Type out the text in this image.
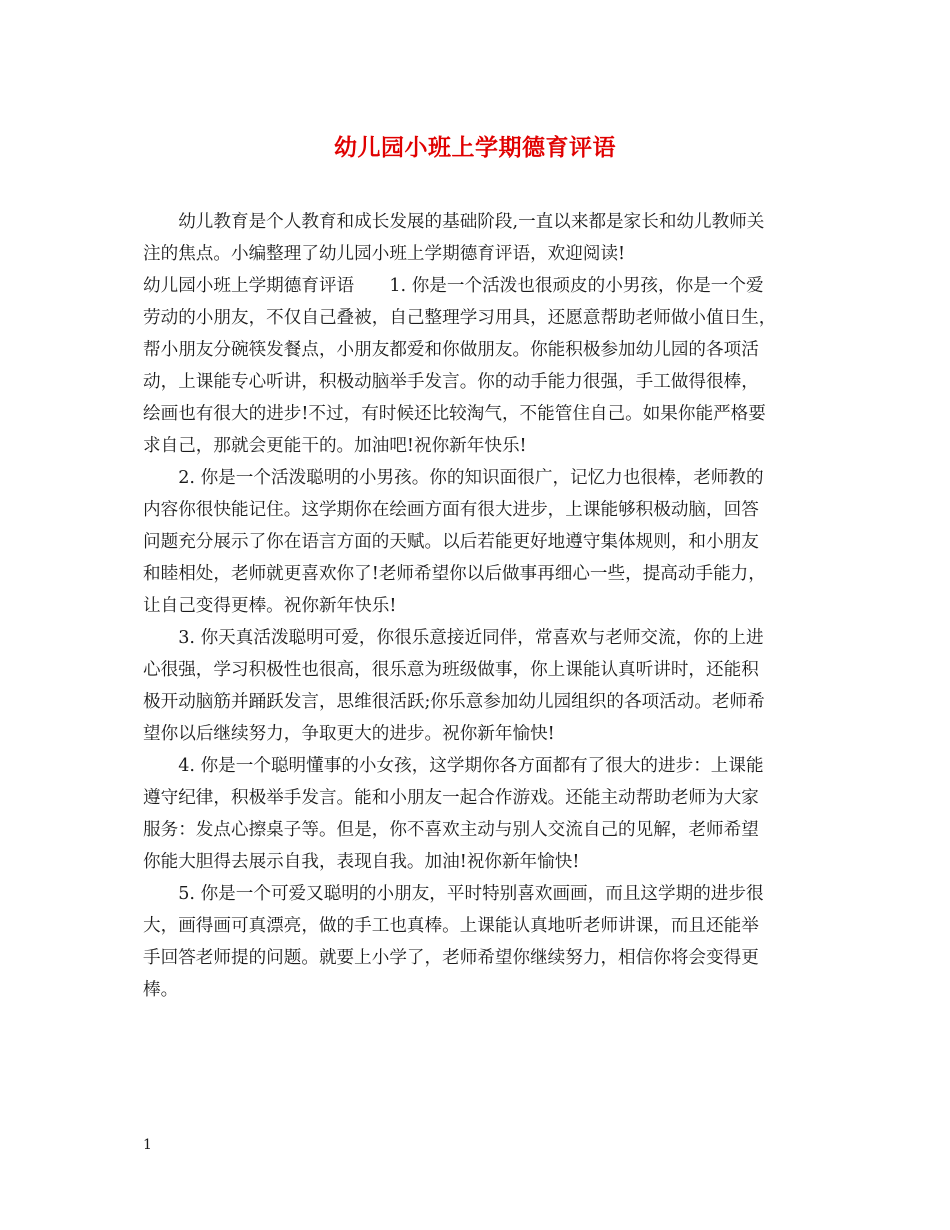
幼儿园小班上学期德育评语
　　幼儿教育是个人教育和成长发展的基础阶段,一直以来都是家长和幼儿教师关
注的焦点。小编整理了幼儿园小班上学期德育评语，欢迎阅读!
幼儿园小班上学期德育评语　　1. 你是一个活泼也很顽皮的小男孩，你是一个爱
劳动的小朋友，不仅自己叠被，自己整理学习用具，还愿意帮助老师做小值日生，
帮小朋友分碗筷发餐点，小朋友都爱和你做朋友。你能积极参加幼儿园的各项活
动，上课能专心听讲，积极动脑举手发言。你的动手能力很强，手工做得很棒，
绘画也有很大的进步!不过，有时候还比较淘气，不能管住自己。如果你能严格要
求自己，那就会更能干的。加油吧!祝你新年快乐!
　　2. 你是一个活泼聪明的小男孩。你的知识面很广，记忆力也很棒，老师教的
内容你很快能记住。这学期你在绘画方面有很大进步，上课能够积极动脑，回答
问题充分展示了你在语言方面的天赋。以后若能更好地遵守集体规则，和小朋友
和睦相处，老师就更喜欢你了!老师希望你以后做事再细心一些，提高动手能力，
让自己变得更棒。祝你新年快乐!
　　3. 你天真活泼聪明可爱，你很乐意接近同伴，常喜欢与老师交流，你的上进
心很强，学习积极性也很高，很乐意为班级做事，你上课能认真听讲时，还能积
极开动脑筋并踊跃发言，思维很活跃;你乐意参加幼儿园组织的各项活动。老师希
望你以后继续努力，争取更大的进步。祝你新年愉快!
　　4. 你是一个聪明懂事的小女孩，这学期你各方面都有了很大的进步：上课能
遵守纪律，积极举手发言。能和小朋友一起合作游戏。还能主动帮助老师为大家
服务：发点心擦桌子等。但是，你不喜欢主动与别人交流自己的见解，老师希望
你能大胆得去展示自我，表现自我。加油!祝你新年愉快!
　　5. 你是一个可爱又聪明的小朋友，平时特别喜欢画画，而且这学期的进步很
大，画得画可真漂亮，做的手工也真棒。上课能认真地听老师讲课，而且还能举
手回答老师提的问题。就要上小学了，老师希望你继续努力，相信你将会变得更
棒。
1
